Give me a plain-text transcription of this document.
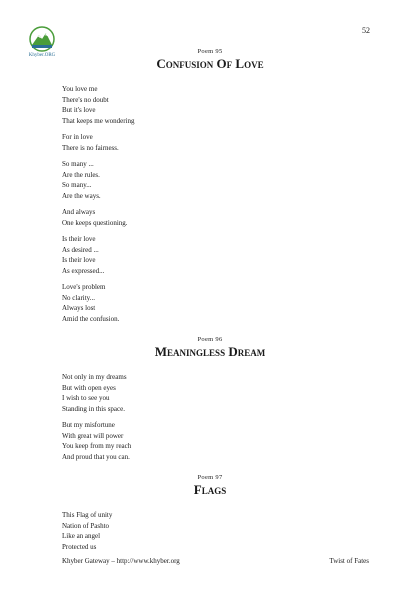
52
Khyber.ORG
Poem 95
Confusion Of Love
You love me
There's no doubt
But it's love
That keeps me wondering
For in love
There is no fairness.
So many ...
Are the rules.
So many...
Are the ways.
And always
One keeps questioning.
Is their love
As desired ...
Is their love
As expressed...
Love's problem
No clarity...
Always lost
Amid the confusion.
Poem 96
Meaningless Dream
Not only in my dreams
But with open eyes
I wish to see you
Standing in this space.
But my misfortune
With great will power
You keep from my reach
And proud that you can.
Poem 97
Flags
This Flag of unity
Nation of Pashto
Like an angel
Protected us
Khyber Gateway – http://www.khyber.org	Twist of Fates
